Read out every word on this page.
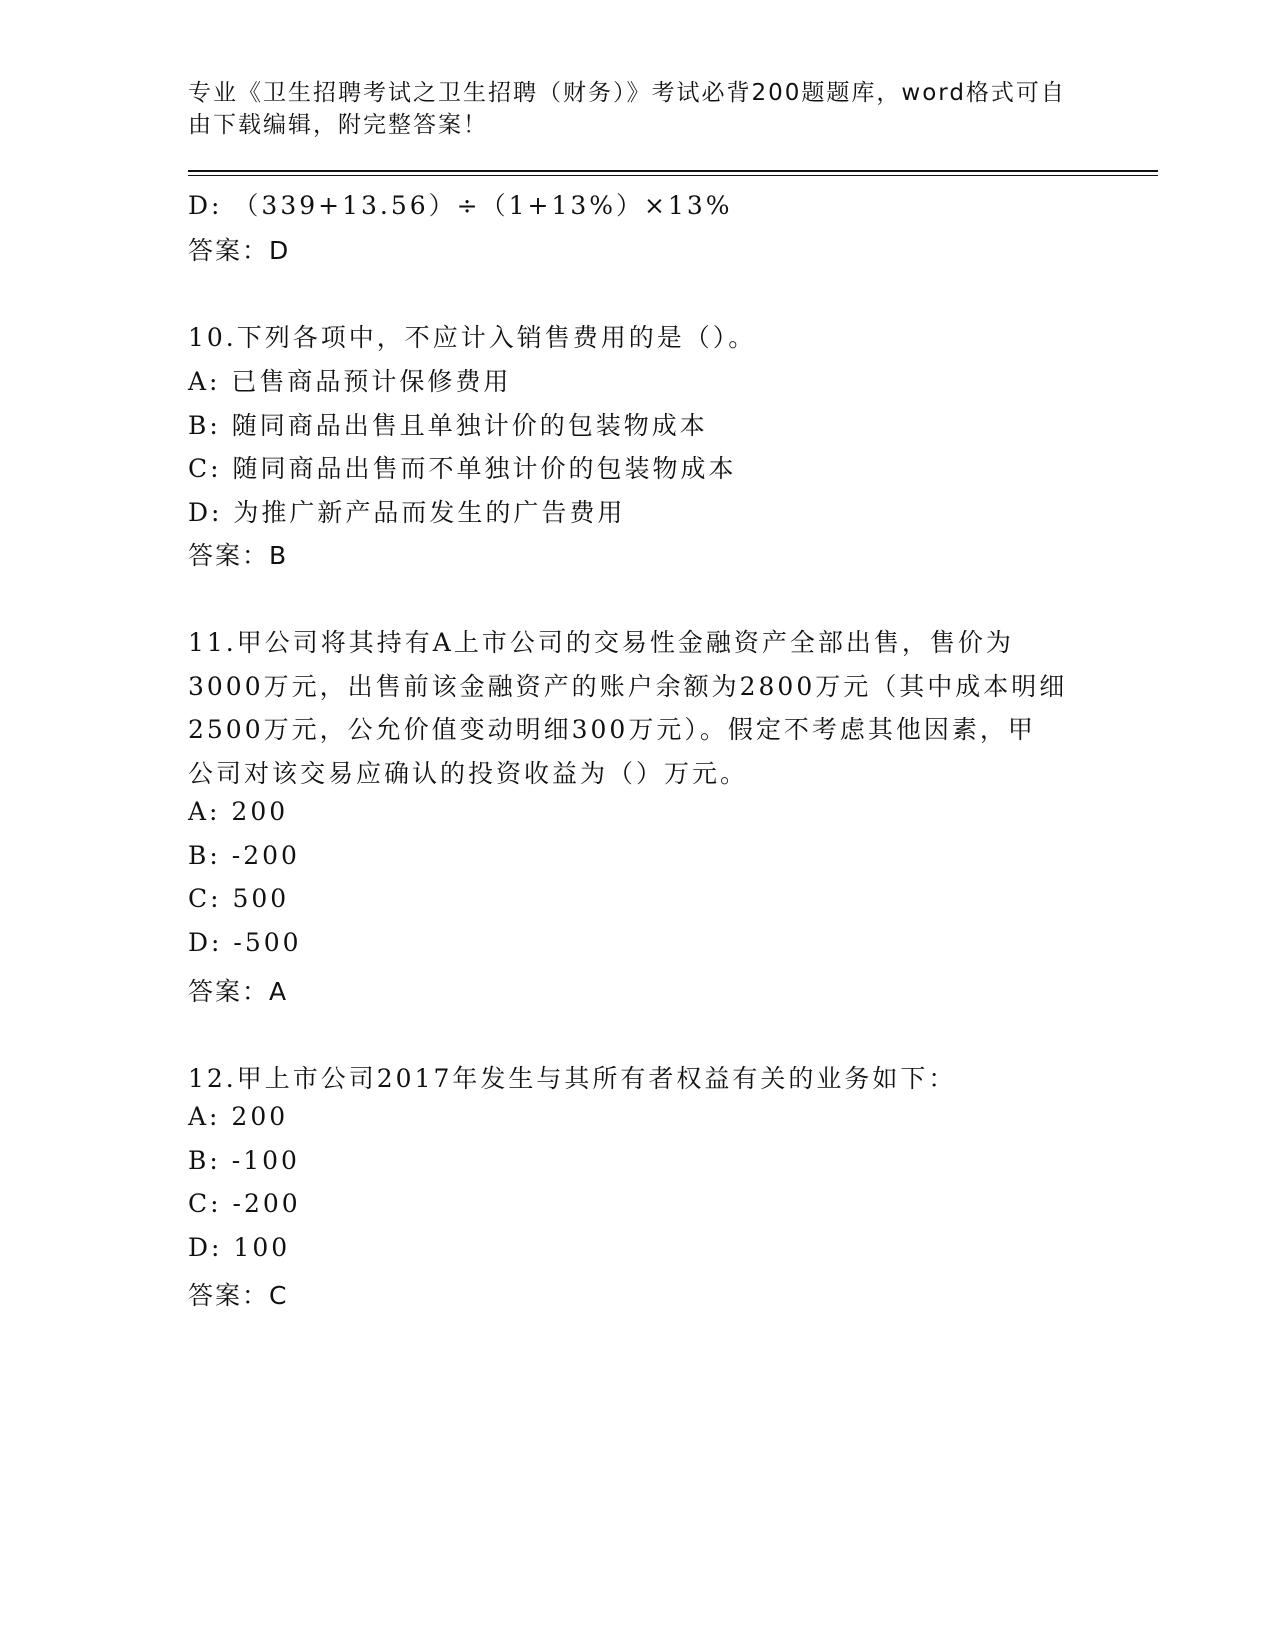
专业《卫生招聘考试之卫生招聘（财务）》考试必背200题题库，word格式可自
由下载编辑，附完整答案！
D: （339+13.56）÷（1+13%）×13%
答案：D
10.下列各项中，不应计入销售费用的是（）。
A: 已售商品预计保修费用
B: 随同商品出售且单独计价的包装物成本
C: 随同商品出售而不单独计价的包装物成本
D: 为推广新产品而发生的广告费用
答案：B
11.甲公司将其持有A上市公司的交易性金融资产全部出售，售价为
3000万元，出售前该金融资产的账户余额为2800万元（其中成本明细
2500万元，公允价值变动明细300万元）。假定不考虑其他因素，甲
公司对该交易应确认的投资收益为（）万元。
A: 200
B: -200
C: 500
D: -500
答案：A
12.甲上市公司2017年发生与其所有者权益有关的业务如下：
A: 200
B: -100
C: -200
D: 100
答案：C
